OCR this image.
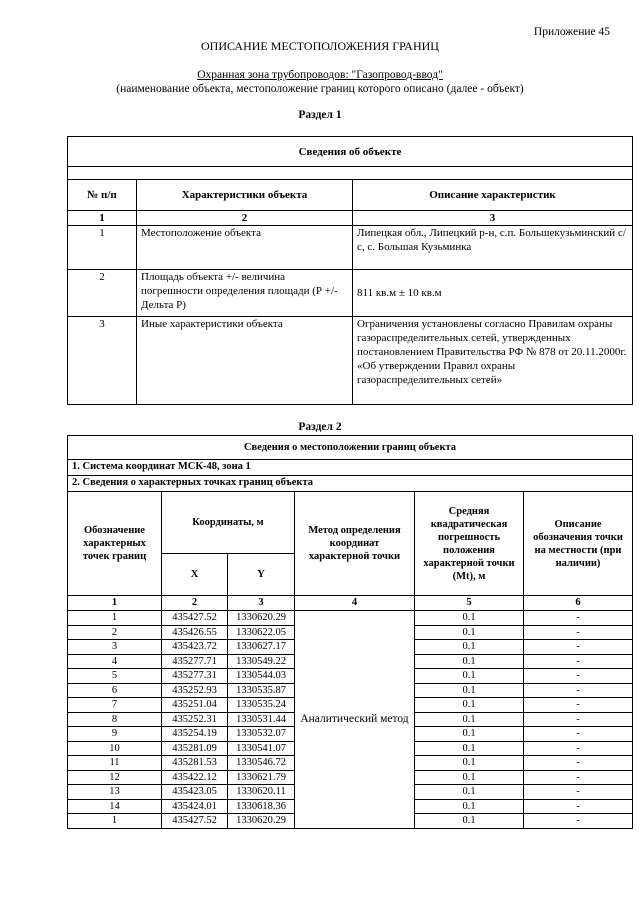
Приложение 45
ОПИСАНИЕ МЕСТОПОЛОЖЕНИЯ ГРАНИЦ
Охранная зона трубопроводов: "Газопровод-ввод"
(наименование объекта, местоположение границ которого описано (далее - объект)
Раздел 1
Сведения об объекте		

№ п/п	Характеристики объекта	Описание характеристик
1	2	3
1	Местоположение объекта	Липецкая обл., Липецкий р-н, с.п. Большекузьминский с/с, с. Большая Кузьминка
2	Площадь объекта +/- величина погрешности определения площади (Р +/- Дельта Р)	811 кв.м ± 10 кв.м
3	Иные характеристики объекта	Ограничения установлены согласно Правилам охраны газораспределительных сетей, утвержденных постановлением Правительства РФ № 878 от 20.11.2000г. «Об утверждении Правил охраны газораспределительных сетей»
Раздел 2
Сведения о местоположении границ объекта					
1. Система координат МСК-48, зона 1					
2. Сведения о характерных точках границ объекта					
Обозначение характерных точек границ	Координаты, м		Метод определения координат характерной точки	Средняя квадратическая погрешность положения характерной точки (Mt), м	Описание обозначения точки на местности (при наличии)
	X	Y			
1	2	3	4	5	6
1	435427.52	1330620.29	Аналитический метод	0.1	-
2	435426.55	1330622.05		0.1	-
3	435423.72	1330627.17		0.1	-
4	435277.71	1330549.22		0.1	-
5	435277.31	1330544.03		0.1	-
6	435252.93	1330535.87		0.1	-
7	435251.04	1330535.24		0.1	-
8	435252.31	1330531.44		0.1	-
9	435254.19	1330532.07		0.1	-
10	435281.09	1330541.07		0.1	-
11	435281.53	1330546.72		0.1	-
12	435422.12	1330621.79		0.1	-
13	435423.05	1330620.11		0.1	-
14	435424.01	1330618.36		0.1	-
1	435427.52	1330620.29		0.1	-
